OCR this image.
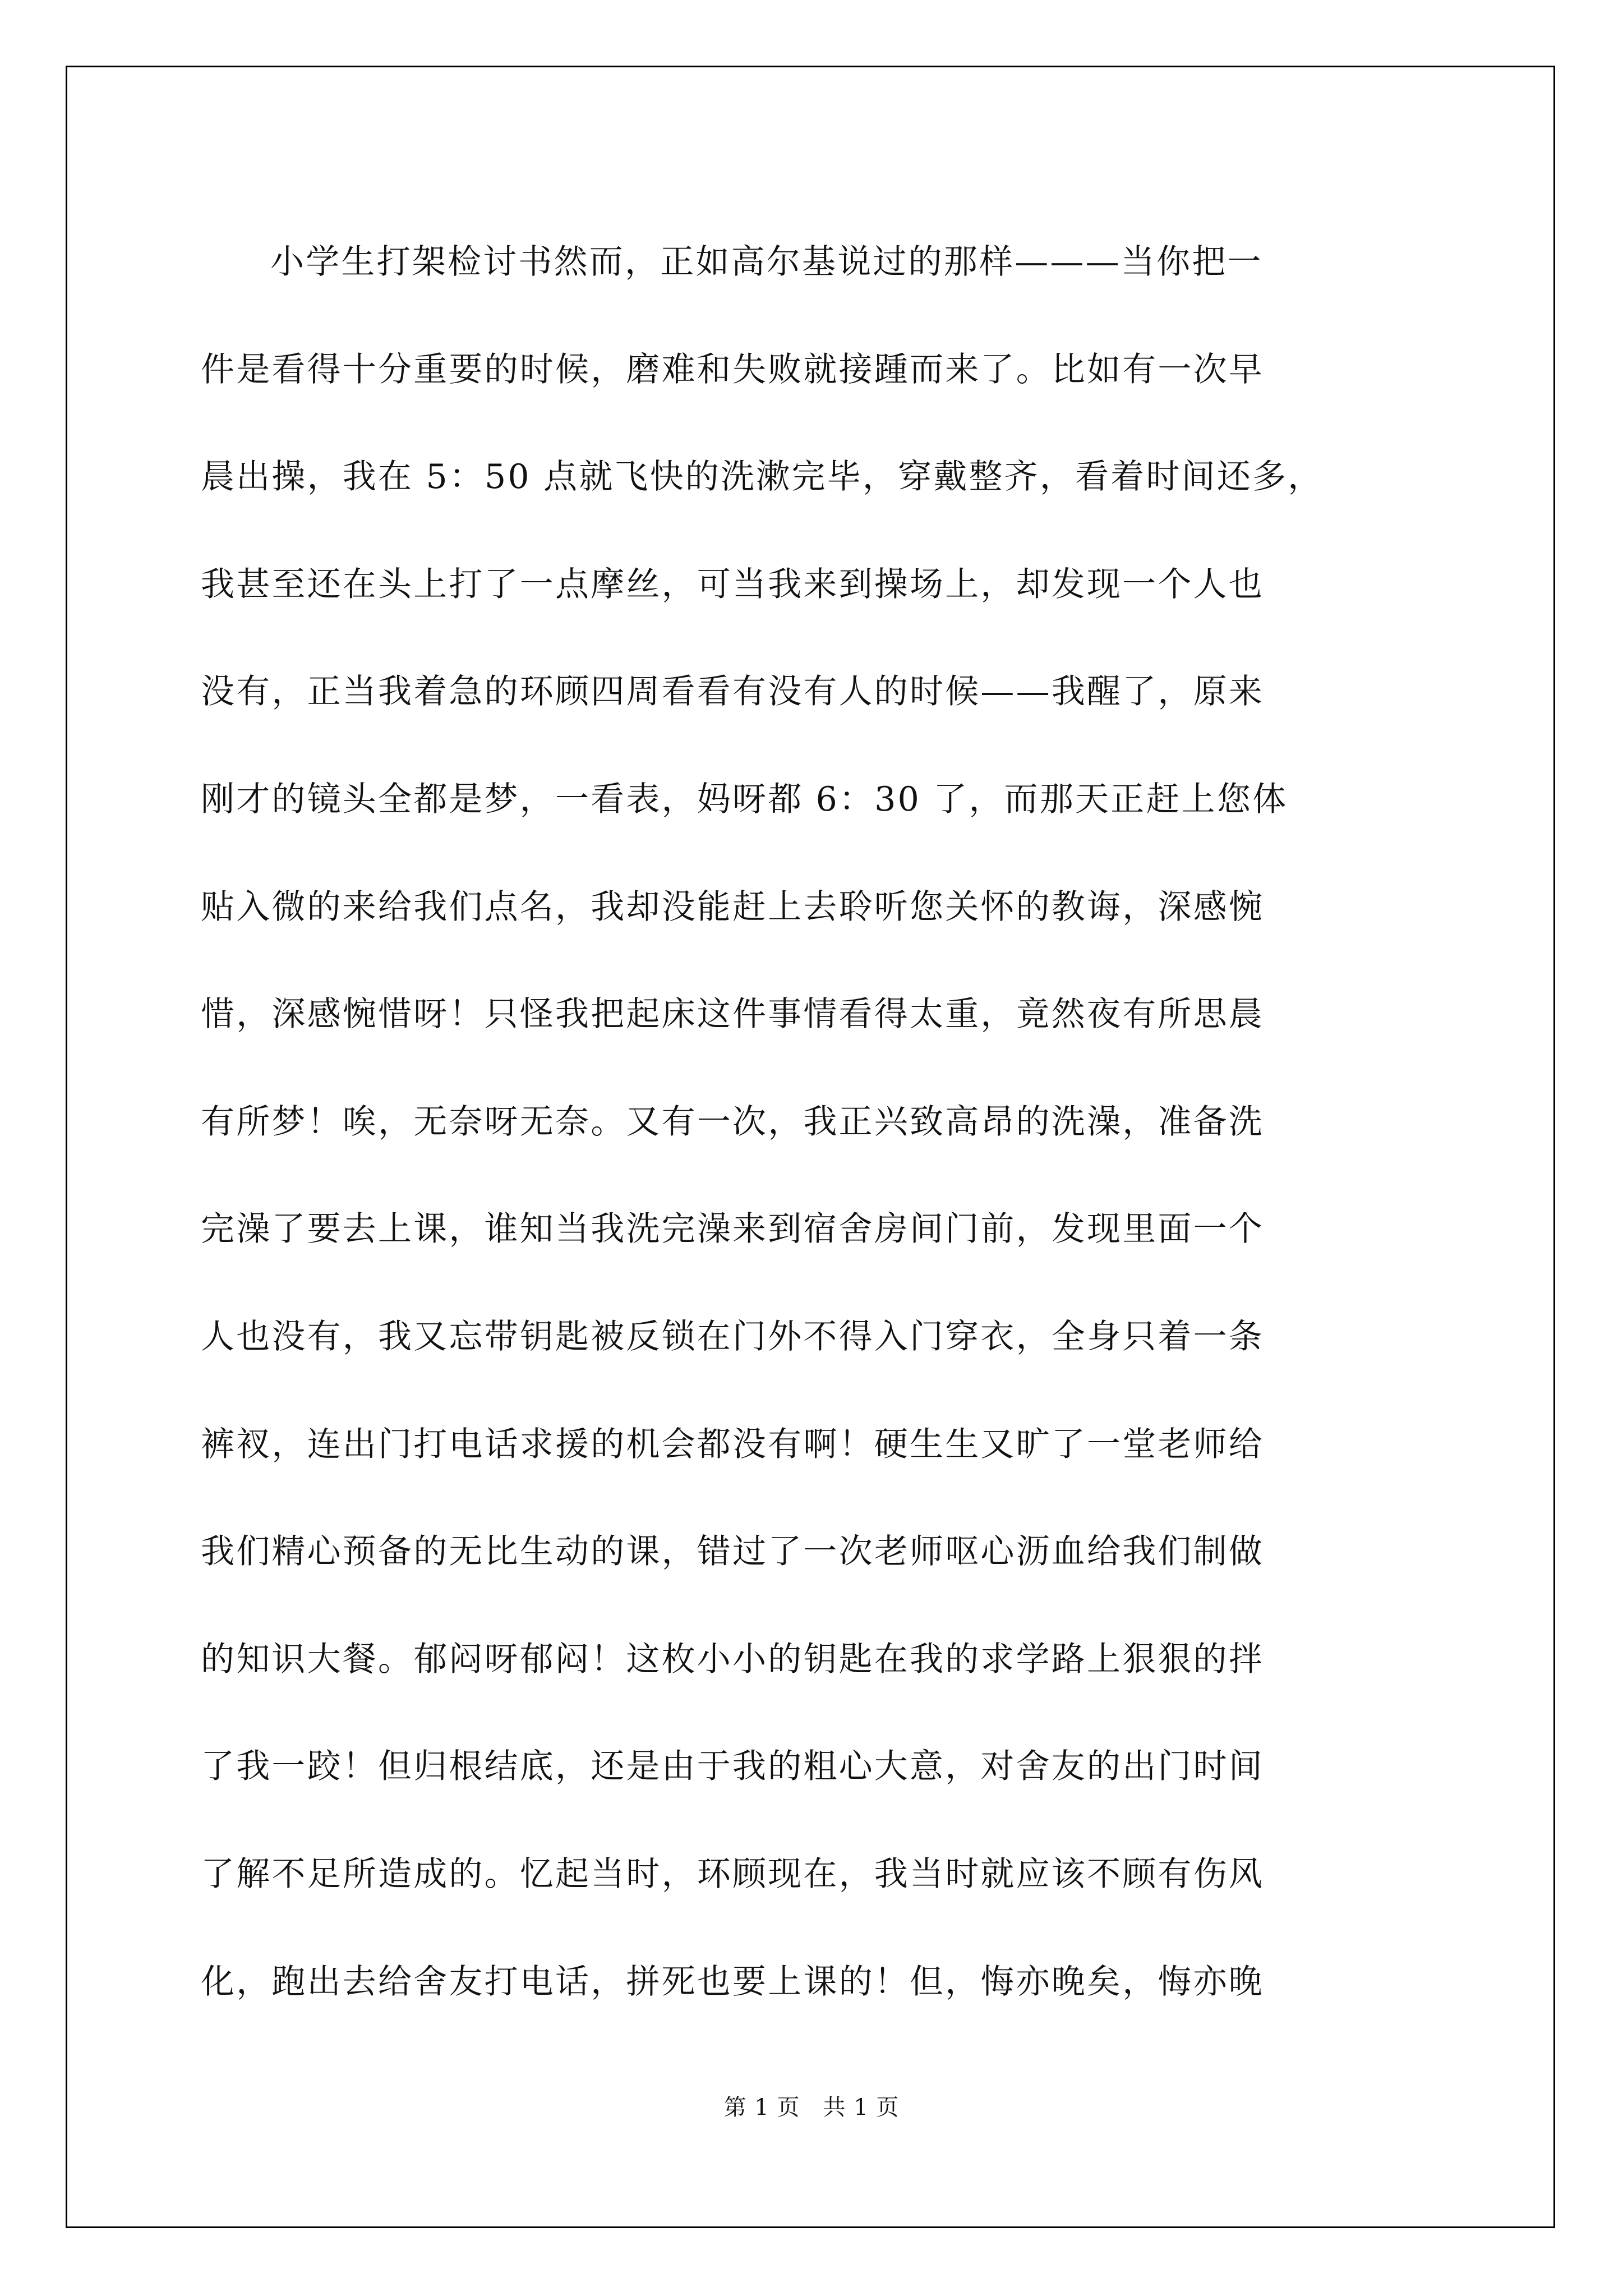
小学生打架检讨书然而，正如高尔基说过的那样———当你把一
件是看得十分重要的时候，磨难和失败就接踵而来了。比如有一次早
晨出操，我在 5：50 点就飞快的洗漱完毕，穿戴整齐，看着时间还多，
我甚至还在头上打了一点摩丝，可当我来到操场上，却发现一个人也
没有，正当我着急的环顾四周看看有没有人的时候——我醒了，原来
刚才的镜头全都是梦，一看表，妈呀都 6：30 了，而那天正赶上您体
贴入微的来给我们点名，我却没能赶上去聆听您关怀的教诲，深感惋
惜，深感惋惜呀！只怪我把起床这件事情看得太重，竟然夜有所思晨
有所梦！唉，无奈呀无奈。又有一次，我正兴致高昂的洗澡，准备洗
完澡了要去上课，谁知当我洗完澡来到宿舍房间门前，发现里面一个
人也没有，我又忘带钥匙被反锁在门外不得入门穿衣，全身只着一条
裤衩，连出门打电话求援的机会都没有啊！硬生生又旷了一堂老师给
我们精心预备的无比生动的课，错过了一次老师呕心沥血给我们制做
的知识大餐。郁闷呀郁闷！这枚小小的钥匙在我的求学路上狠狠的拌
了我一跤！但归根结底，还是由于我的粗心大意，对舍友的出门时间
了解不足所造成的。忆起当时，环顾现在，我当时就应该不顾有伤风
化，跑出去给舍友打电话，拼死也要上课的！但，悔亦晚矣，悔亦晚
第 1 页　共 1 页
